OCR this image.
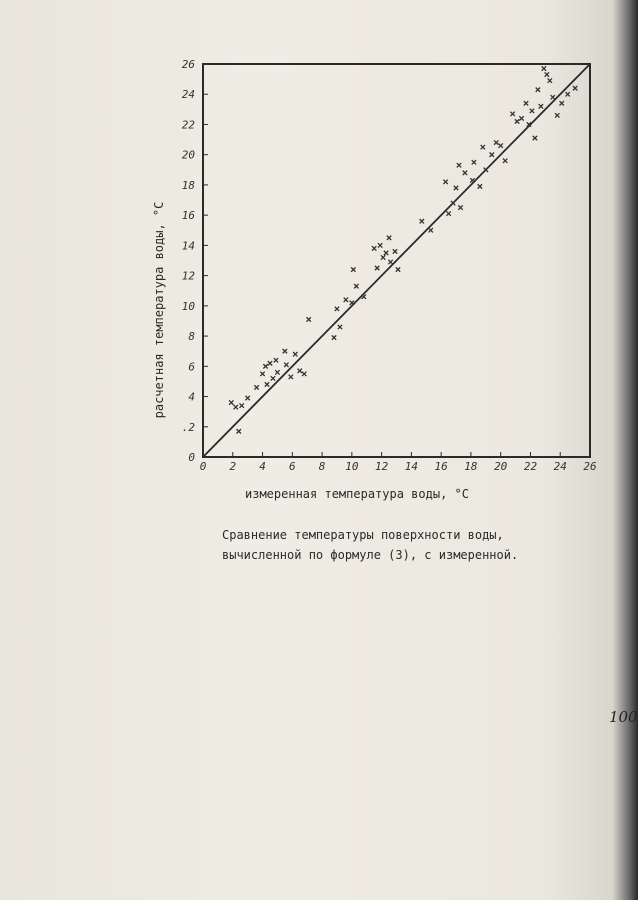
0 2 4 6 8 10 12 14 16 18 20 22 24 26
0
.2
4
6
8
10
12
14
16
18
20
22
24
26
измеренная температура воды, °C
расчетная температура воды, °C
Сравнение температуры поверхности воды,
вычисленной по формуле (3), с измеренной.
100
